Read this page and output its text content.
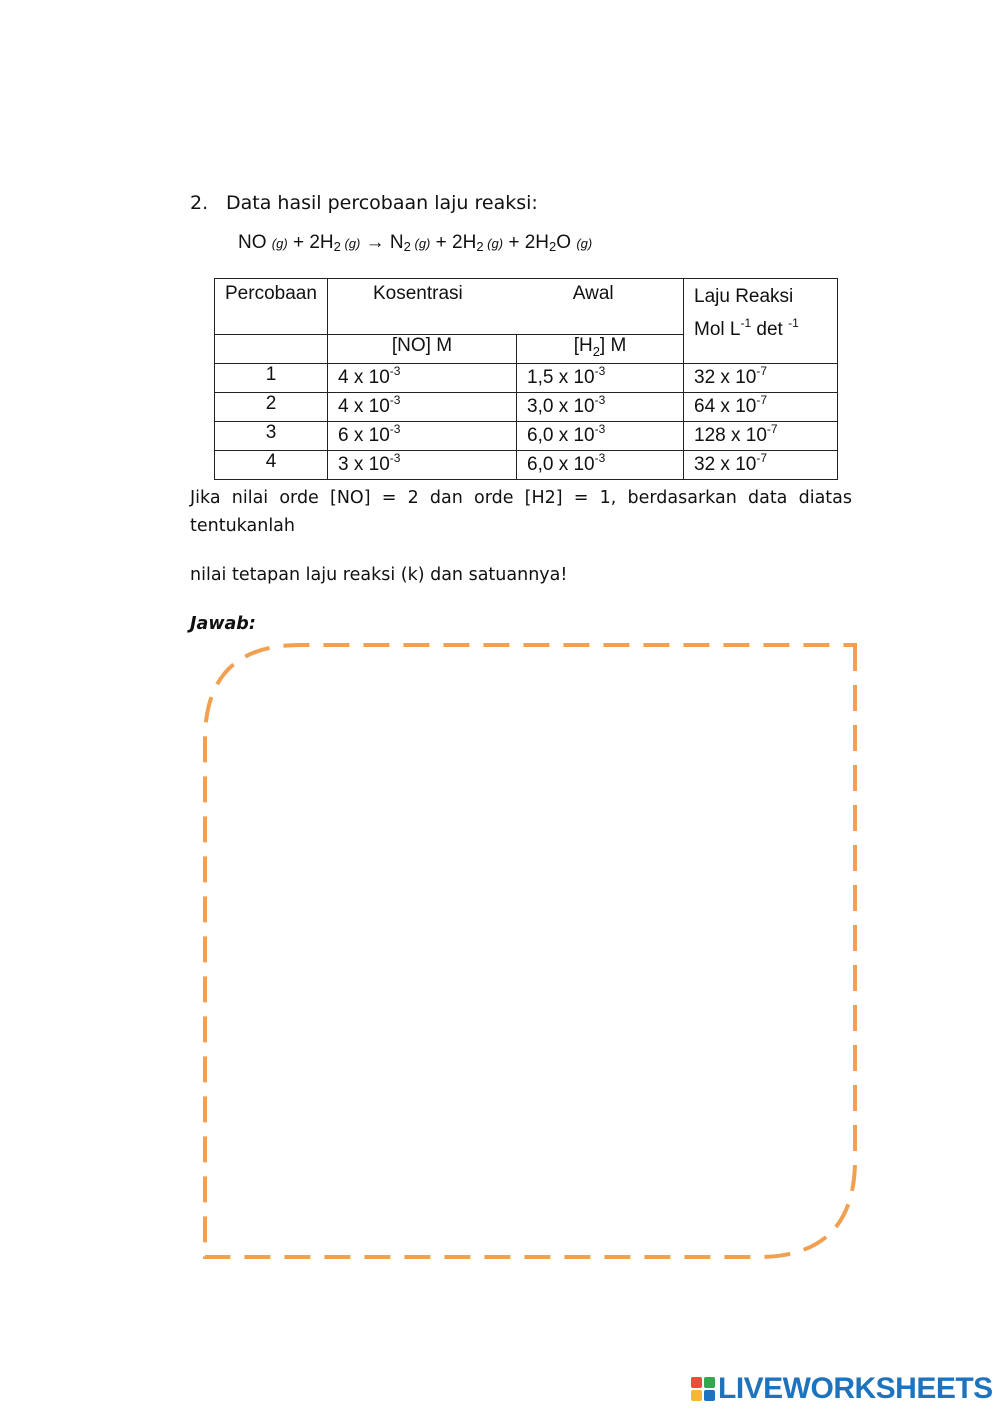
2. Data hasil percobaan laju reaksi:
NO $(g) + 2H_2$ $(g) \to N_2$ $(g) + 2H_2$ $(g) + 2H_2O$ (g)
Percobaan	Kosentrasi Awal		Laju Reaksi
Mol $L^{-1}$ det $^{-1}$

	[NO] M	$[H_2]$ M	
1	4 x $10^{-3}$	1,5 x $10^{-3}$	32 x $10^{-7}$
2	4 x $10^{-3}$	3,0 x $10^{-3}$	64 x $10^{-7}$
3	6 x $10^{-3}$	6,0 x $10^{-3}$	128 x $10^{-7}$
4	3 x $10^{-3}$	6,0 x $10^{-3}$	32 x $10^{-7}$
Jika nilai orde [NO] = 2 dan orde [H2] = 1, berdasarkan data diatas
tentukanlah
nilai tetapan laju reaksi (k) dan satuannya!
Jawab:
LIVEWORKSHEETS
